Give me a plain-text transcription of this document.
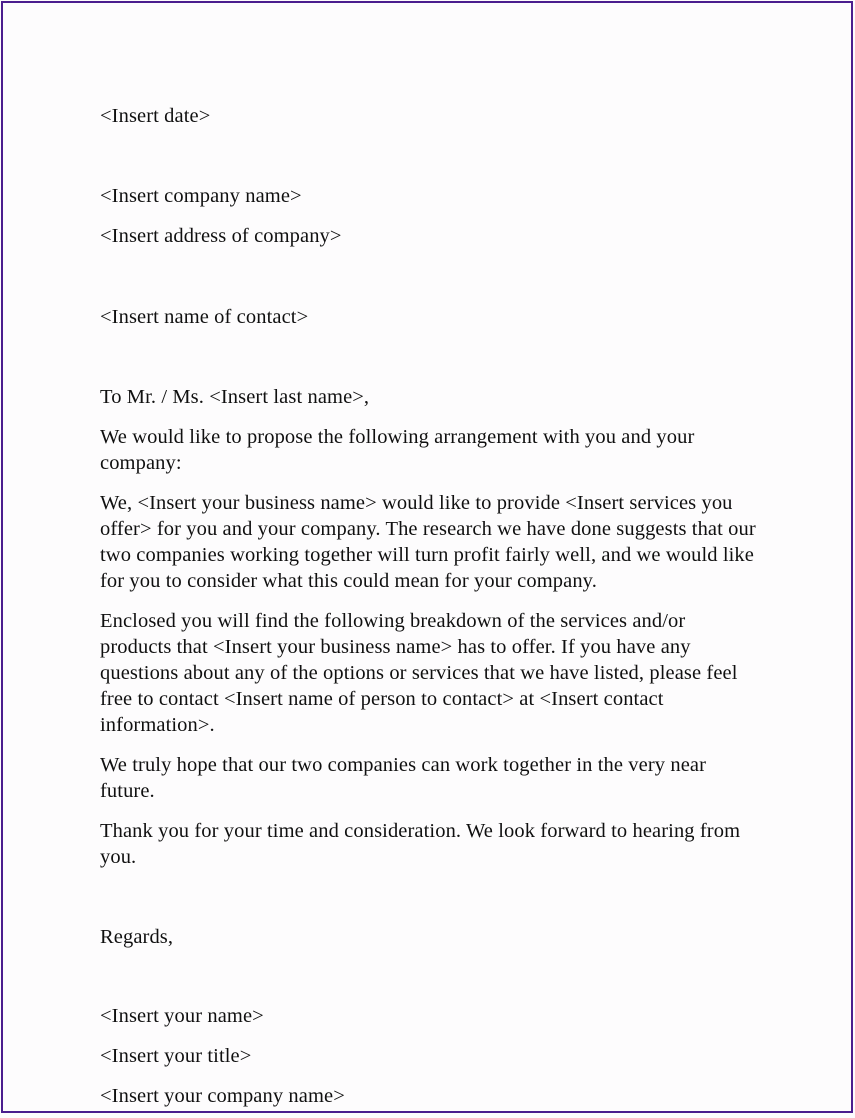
<Insert date>

<Insert company name>

<Insert address of company>

<Insert name of contact>

To Mr. / Ms. <Insert last name>,

We would like to propose the following arrangement with you and your company:

We, <Insert your business name> would like to provide <Insert services you offer> for you and your company. The research we have done suggests that our two companies working together will turn profit fairly well, and we would like for you to consider what this could mean for your company.

Enclosed you will find the following breakdown of the services and/or products that <Insert your business name> has to offer. If you have any questions about any of the options or services that we have listed, please feel free to contact <Insert name of person to contact> at <Insert contact information>.

We truly hope that our two companies can work together in the very near future.

Thank you for your time and consideration. We look forward to hearing from you.

Regards,

<Insert your name>

<Insert your title>

<Insert your company name>
